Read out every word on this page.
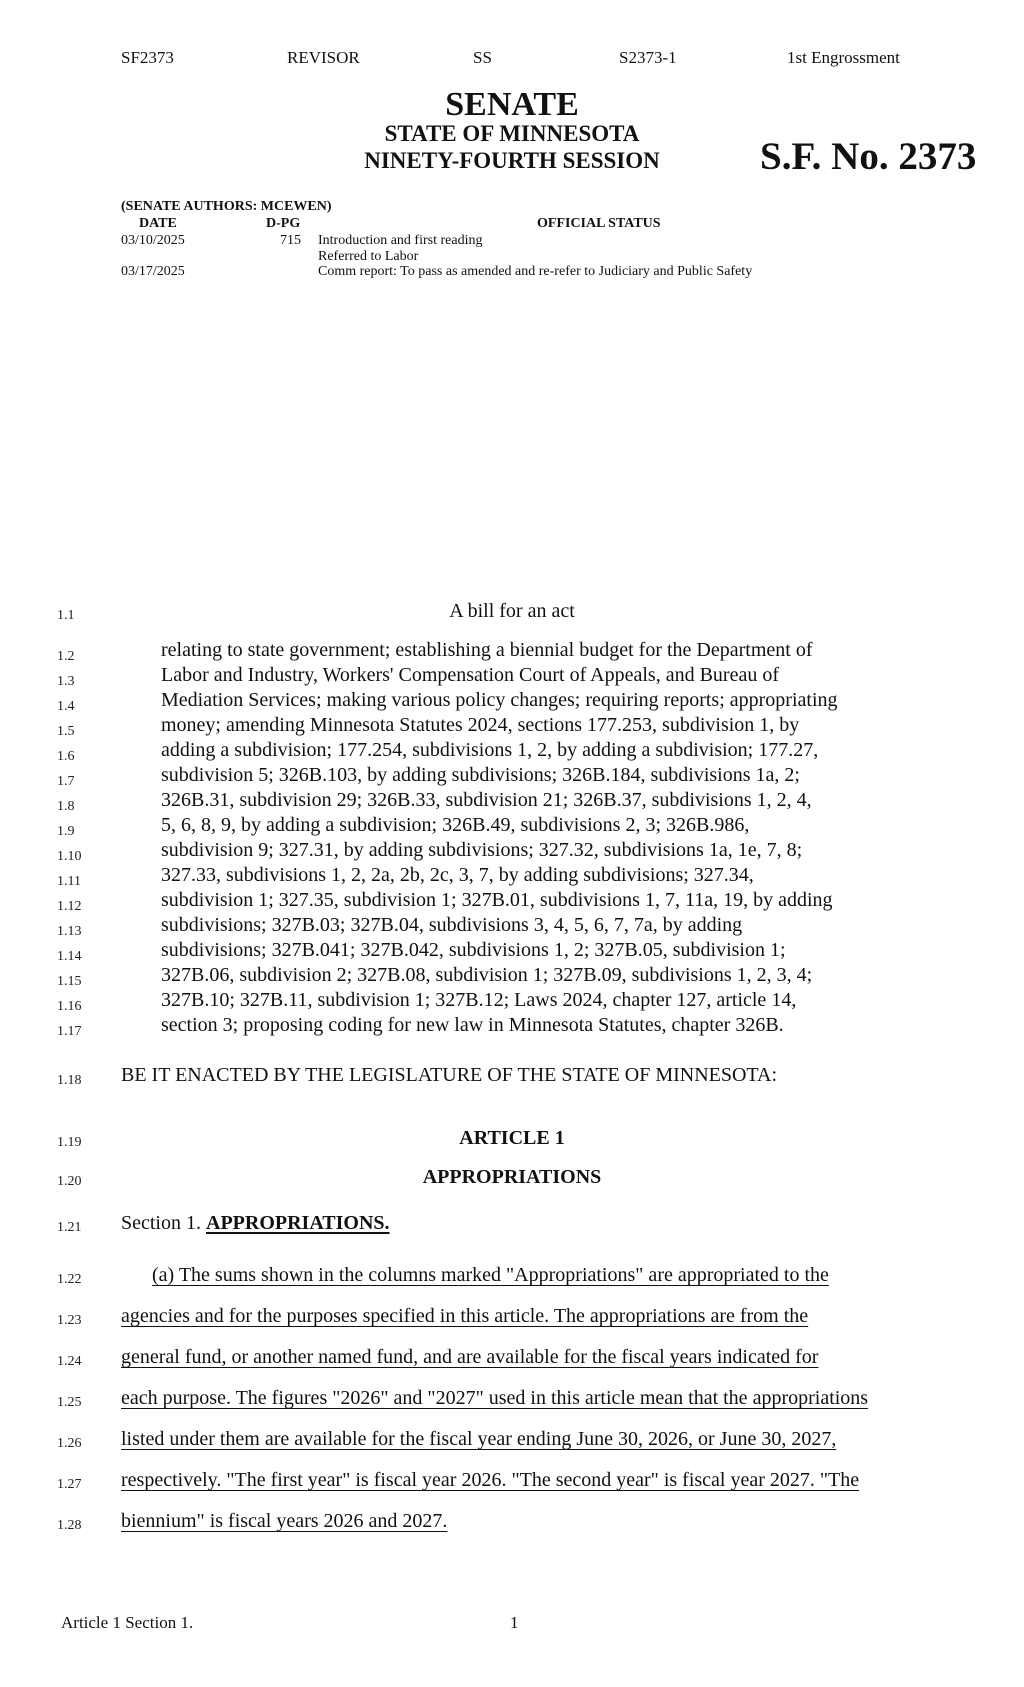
SF2373	REVISOR	SS	S2373-1	1st Engrossment
SENATE
STATE OF MINNESOTA
NINETY-FOURTH SESSION	S.F. No. 2373
(SENATE AUTHORS: MCEWEN)
DATE	D-PG	OFFICIAL STATUS
03/10/2025	715 Introduction and first reading
Referred to Labor
03/17/2025	Comm report: To pass as amended and re-refer to Judiciary and Public Safety
1.1	A bill for an act
1.2
1.3
1.4
1.5
1.6
1.7
1.8
1.9
1.10
1.11
1.12
1.13
1.14
1.15
1.16
1.17
relating to state government; establishing a biennial budget for the Department of
Labor and Industry, Workers' Compensation Court of Appeals, and Bureau of
Mediation Services; making various policy changes; requiring reports; appropriating
money; amending Minnesota Statutes 2024, sections 177.253, subdivision 1, by
adding a subdivision; 177.254, subdivisions 1, 2, by adding a subdivision; 177.27,
subdivision 5; 326B.103, by adding subdivisions; 326B.184, subdivisions 1a, 2;
326B.31, subdivision 29; 326B.33, subdivision 21; 326B.37, subdivisions 1, 2, 4,
5, 6, 8, 9, by adding a subdivision; 326B.49, subdivisions 2, 3; 326B.986,
subdivision 9; 327.31, by adding subdivisions; 327.32, subdivisions 1a, 1e, 7, 8;
327.33, subdivisions 1, 2, 2a, 2b, 2c, 3, 7, by adding subdivisions; 327.34,
subdivision 1; 327.35, subdivision 1; 327B.01, subdivisions 1, 7, 11a, 19, by adding
subdivisions; 327B.03; 327B.04, subdivisions 3, 4, 5, 6, 7, 7a, by adding
subdivisions; 327B.041; 327B.042, subdivisions 1, 2; 327B.05, subdivision 1;
327B.06, subdivision 2; 327B.08, subdivision 1; 327B.09, subdivisions 1, 2, 3, 4;
327B.10; 327B.11, subdivision 1; 327B.12; Laws 2024, chapter 127, article 14,
section 3; proposing coding for new law in Minnesota Statutes, chapter 326B.
1.18 BE IT ENACTED BY THE LEGISLATURE OF THE STATE OF MINNESOTA:
1.19	ARTICLE 1
1.20	APPROPRIATIONS
1.21 Section 1. APPROPRIATIONS.
1.22	(a) The sums shown in the columns marked "Appropriations" are appropriated to the
1.23 agencies and for the purposes specified in this article. The appropriations are from the
1.24 general fund, or another named fund, and are available for the fiscal years indicated for
1.25 each purpose. The figures "2026" and "2027" used in this article mean that the appropriations
1.26 listed under them are available for the fiscal year ending June 30, 2026, or June 30, 2027,
1.27 respectively. "The first year" is fiscal year 2026. "The second year" is fiscal year 2027. "The
1.28 biennium" is fiscal years 2026 and 2027.
Article 1 Section 1.	1
